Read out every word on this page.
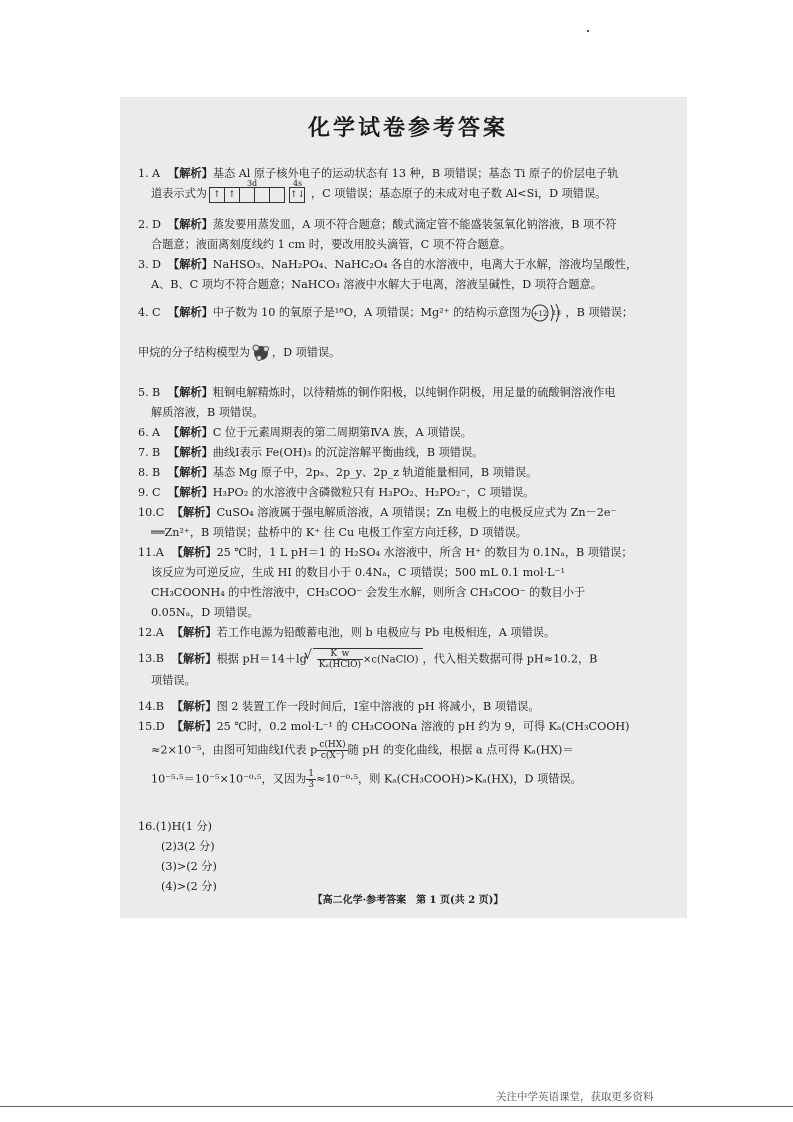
化学试卷参考答案
1. A 【解析】基态 Al 原子核外电子的运动状态有 13 种，B 项错误；基态 Ti 原子的价层电子轨
道表示式为
3d
↑ ↑
4s
↑↓ ，C 项错误；基态原子的未成对电子数 Al<Si，D 项错误。
2. D 【解析】蒸发要用蒸发皿，A 项不符合题意；酸式滴定管不能盛装氢氧化钠溶液，B 项不符
合题意；液面离刻度线约 1 cm 时，要改用胶头滴管，C 项不符合题意。
3. D 【解析】NaHSO₃、NaH₂PO₄、NaHC₂O₄ 各自的水溶液中，电离大于水解，溶液均呈酸性，
A、B、C 项均不符合题意；NaHCO₃ 溶液中水解大于电离，溶液呈碱性，D 项符合题意。
4. C 【解析】中子数为 10 的氧原子是¹⁸O，A 项错误；Mg²⁺ 的结构示意图为 +12 2 8 ，B 项错误；
甲烷的分子结构模型为 ，D 项错误。
5. B 【解析】粗铜电解精炼时，以待精炼的铜作阳极，以纯铜作阴极，用足量的硫酸铜溶液作电
解质溶液，B 项错误。
6. A 【解析】C 位于元素周期表的第二周期第ⅣA 族，A 项错误。
7. B 【解析】曲线Ⅰ表示 Fe(OH)₃ 的沉淀溶解平衡曲线，B 项错误。
8. B 【解析】基态 Mg 原子中，2pₓ、2p_y、2p_z 轨道能量相同，B 项错误。
9. C 【解析】H₃PO₂ 的水溶液中含磷微粒只有 H₃PO₂、H₂PO₂⁻，C 项错误。
10.C 【解析】CuSO₄ 溶液属于强电解质溶液，A 项错误；Zn 电极上的电极反应式为 Zn－2e⁻
══Zn²⁺，B 项错误；盐桥中的 K⁺ 往 Cu 电极工作室方向迁移，D 项错误。
11.A 【解析】25 ℃时，1 L pH＝1 的 H₂SO₄ 水溶液中，所含 H⁺ 的数目为 0.1Nₐ，B 项错误；
该反应为可逆反应，生成 HI 的数目小于 0.4Nₐ，C 项错误；500 mL 0.1 mol·L⁻¹
CH₃COONH₄ 的中性溶液中，CH₃COO⁻ 会发生水解，则所含 CH₃COO⁻ 的数目小于
0.05Nₐ，D 项错误。
12.A 【解析】若工作电源为铅酸蓄电池，则 b 电极应与 Pb 电极相连，A 项错误。
13.B 【解析】根据 pH＝14＋lg
√ $\frac{K\_w}{\text{Kₐ(HClO)}}$ ×c(NaClO) ，代入相关数据可得 pH≈10.2，B
项错误。
14.B 【解析】图 2 装置工作一段时间后，Ⅰ室中溶液的 pH 将减小，B 项错误。
15.D 【解析】25 ℃时，0.2 mol·L⁻¹ 的 CH₃COONa 溶液的 pH 约为 9，可得 Kₐ(CH₃COOH)
≈2×10⁻⁵，由图可知曲线Ⅰ代表 p $\frac{c(HX)}{c(X^-)}$ 随 pH 的变化曲线，根据 a 点可得 Kₐ(HX)＝
10⁻⁵·⁵＝10⁻⁵×10⁻⁰·⁵，又因为 $\frac{1}{3} \approx 10^{-0}\cdot^5$，则 Kₐ(CH₃COOH)>Kₐ(HX)，D 项错误。
16.(1)H(1 分)
(2)3(2 分)
(3)>(2 分)
(4)>(2 分)
【高二化学·参考答案　第 1 页(共 2 页)】
关注中学英语课堂，获取更多资料
